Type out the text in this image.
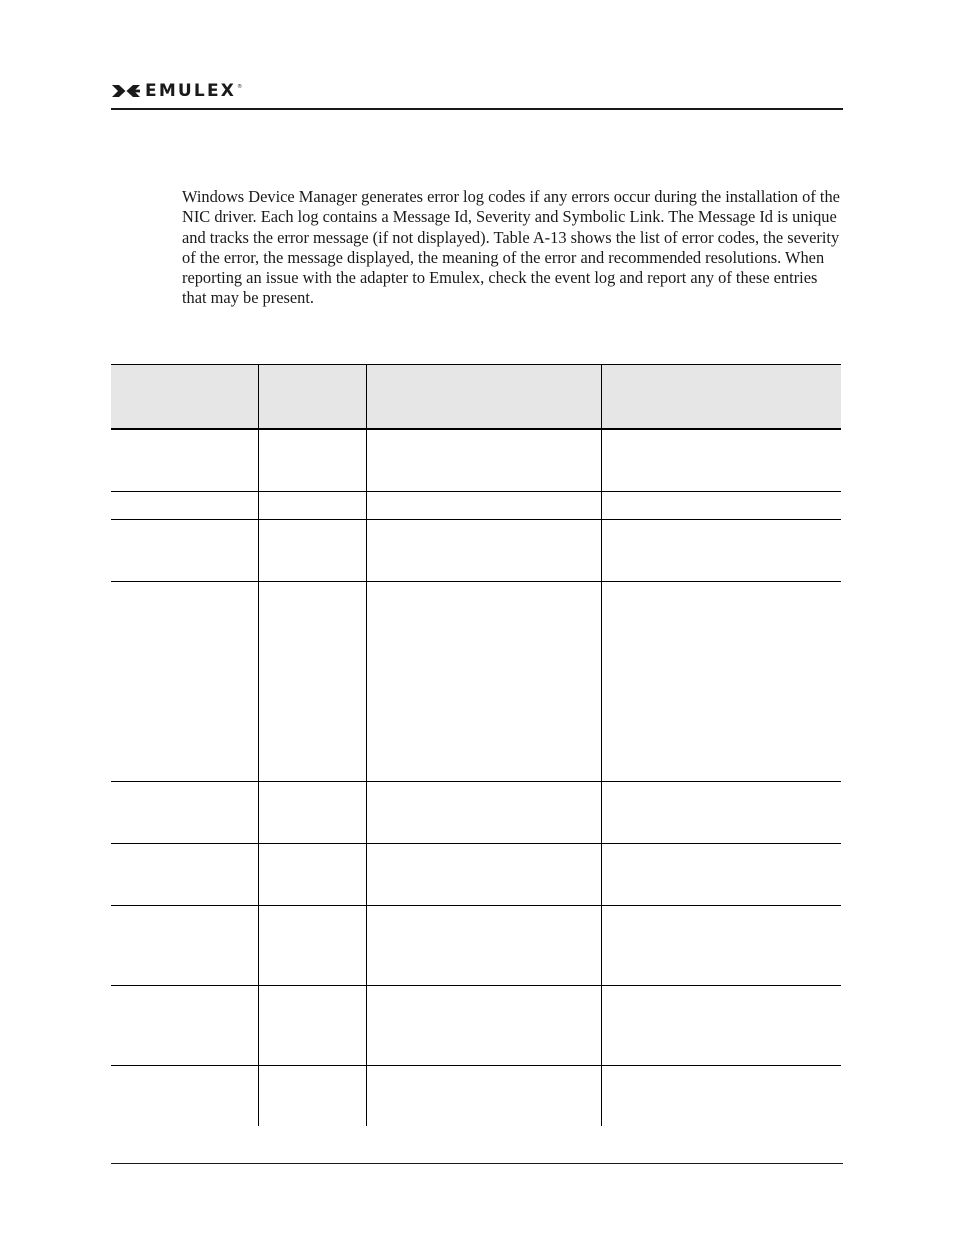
EMULEX ®

Windows Device Manager generates error log codes if any errors occur during the installation of the NIC driver. Each log contains a Message Id, Severity and Symbolic Link. The Message Id is unique and tracks the error message (if not displayed). Table A-13 shows the list of error codes, the severity of the error, the message displayed, the meaning of the error and recommended resolutions. When reporting an issue with the adapter to Emulex, check the event log and report any of these entries that may be present.
